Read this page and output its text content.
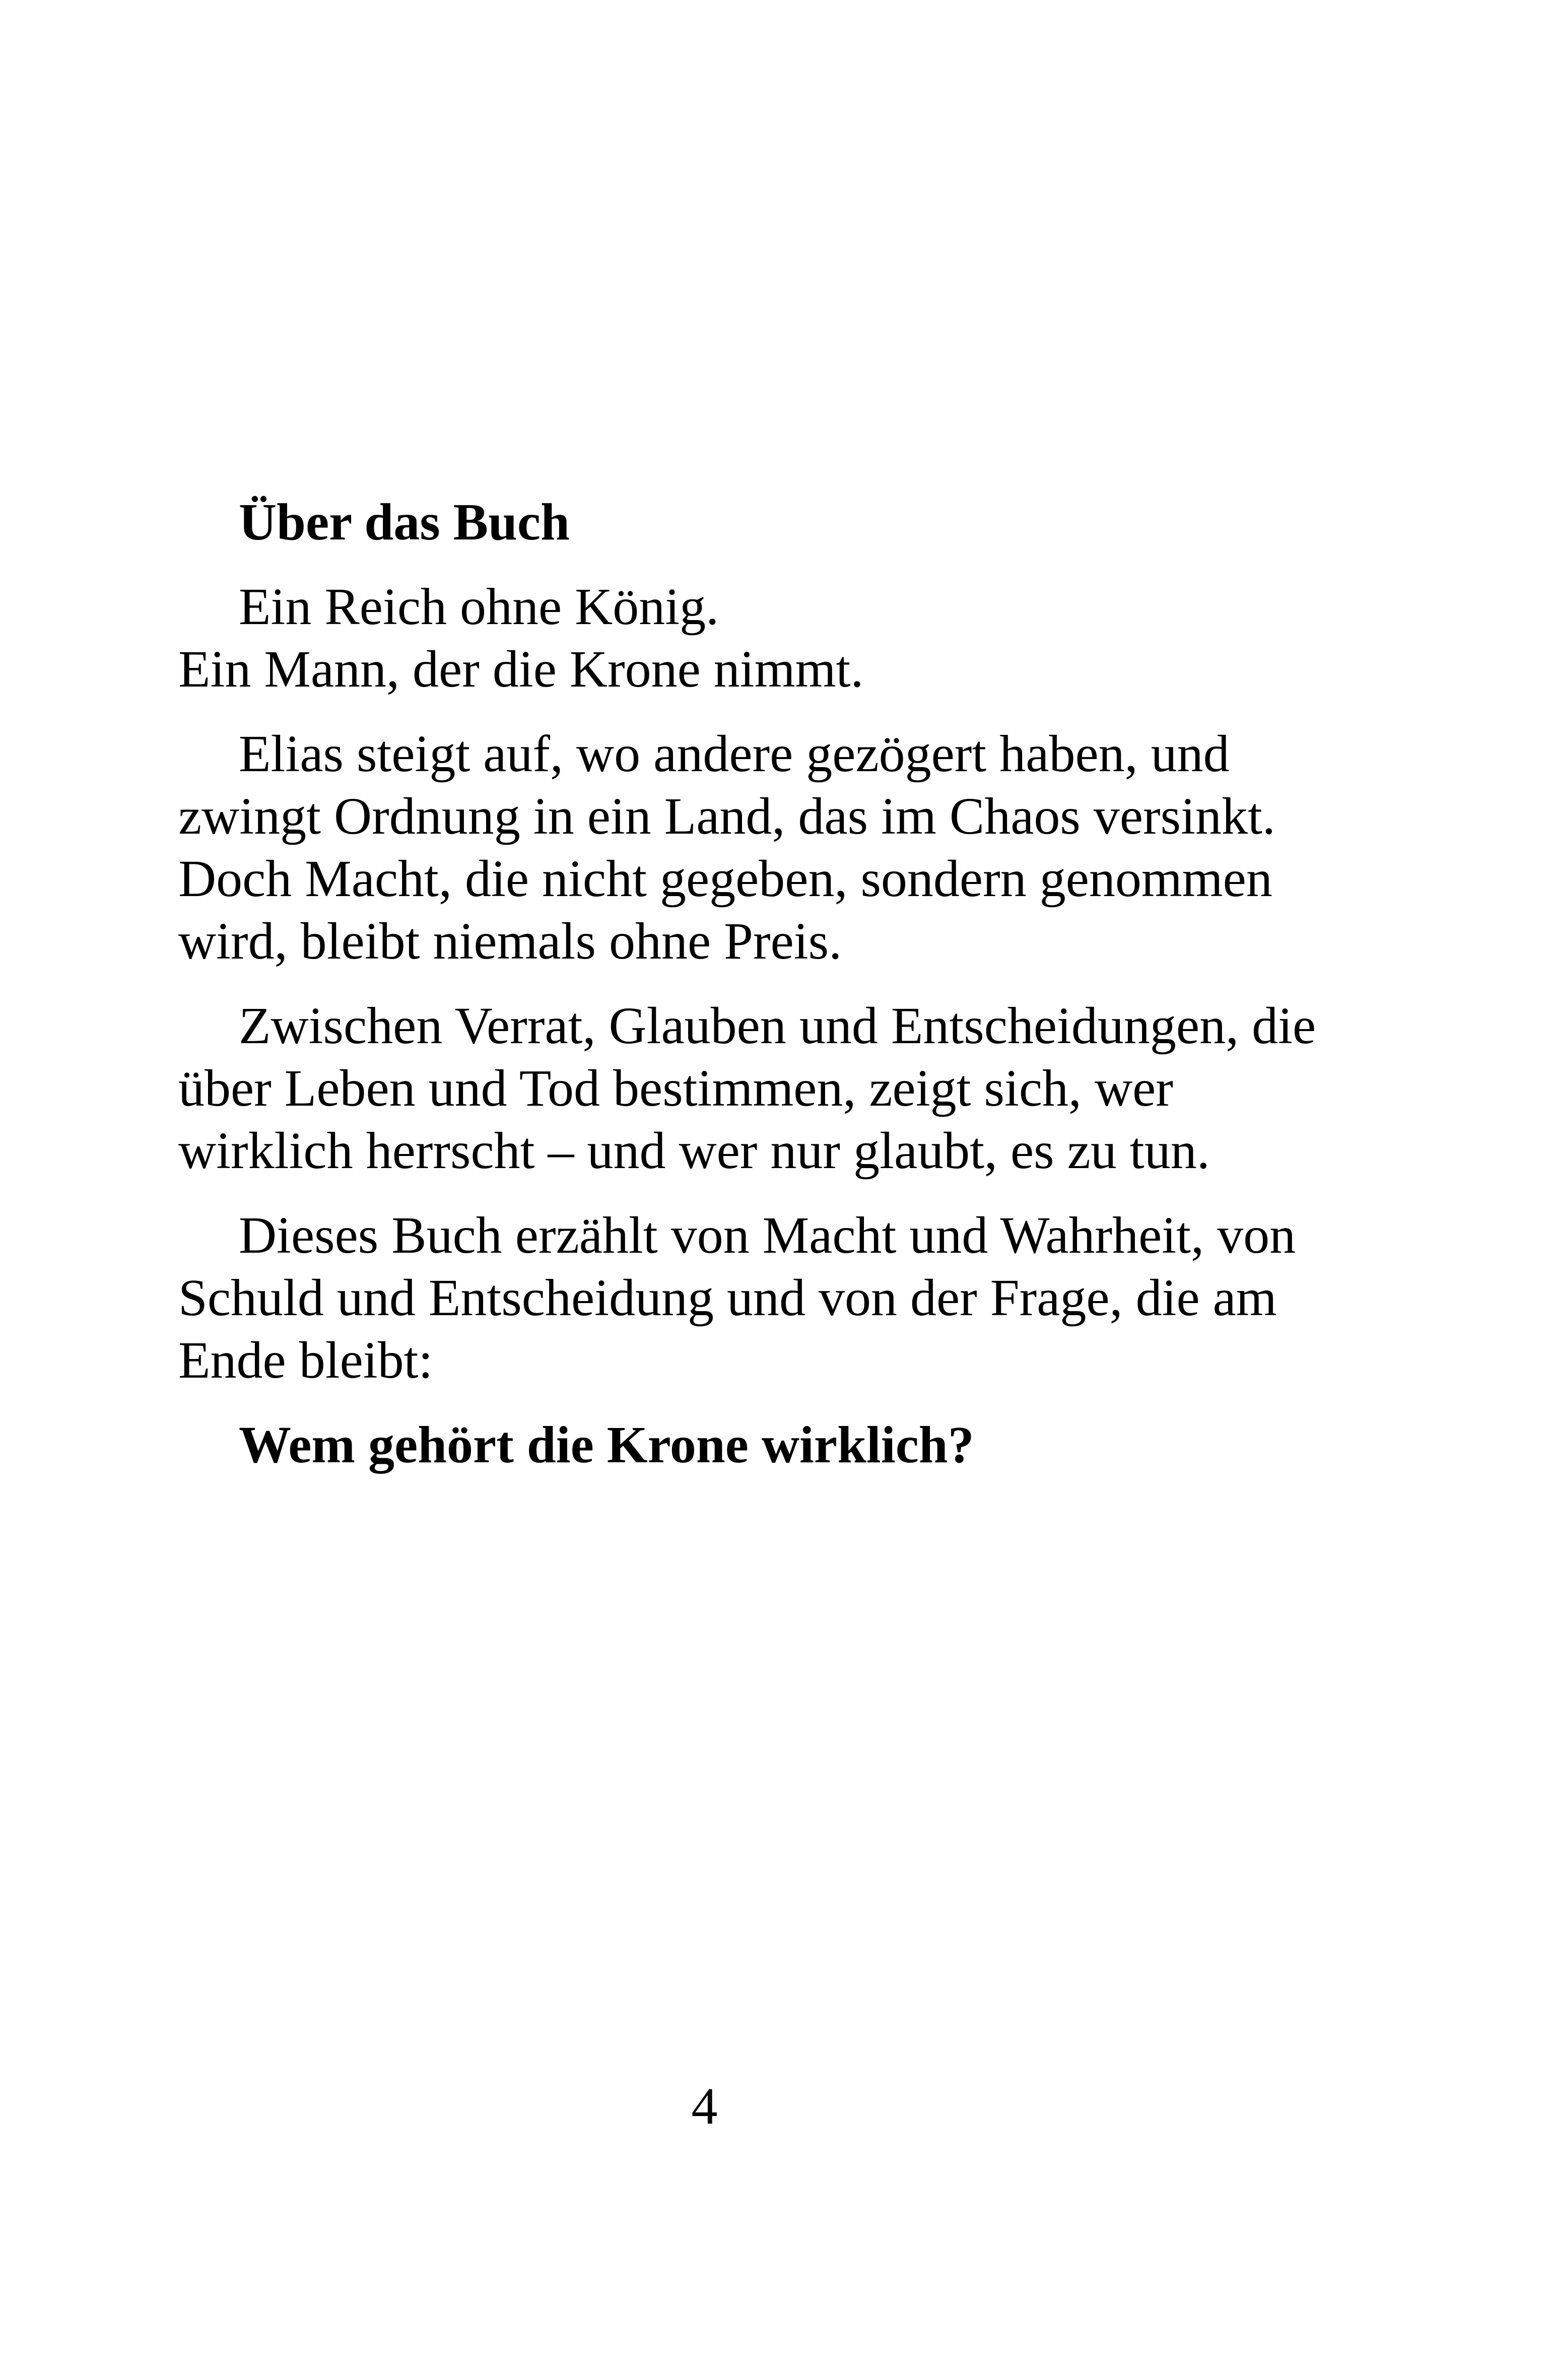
Über das Buch
Ein Reich ohne König.
Ein Mann, der die Krone nimmt.
Elias steigt auf, wo andere gezögert haben, und
zwingt Ordnung in ein Land, das im Chaos versinkt.
Doch Macht, die nicht gegeben, sondern genommen
wird, bleibt niemals ohne Preis.
Zwischen Verrat, Glauben und Entscheidungen, die
über Leben und Tod bestimmen, zeigt sich, wer
wirklich herrscht – und wer nur glaubt, es zu tun.
Dieses Buch erzählt von Macht und Wahrheit, von
Schuld und Entscheidung und von der Frage, die am
Ende bleibt:
Wem gehört die Krone wirklich?
4
